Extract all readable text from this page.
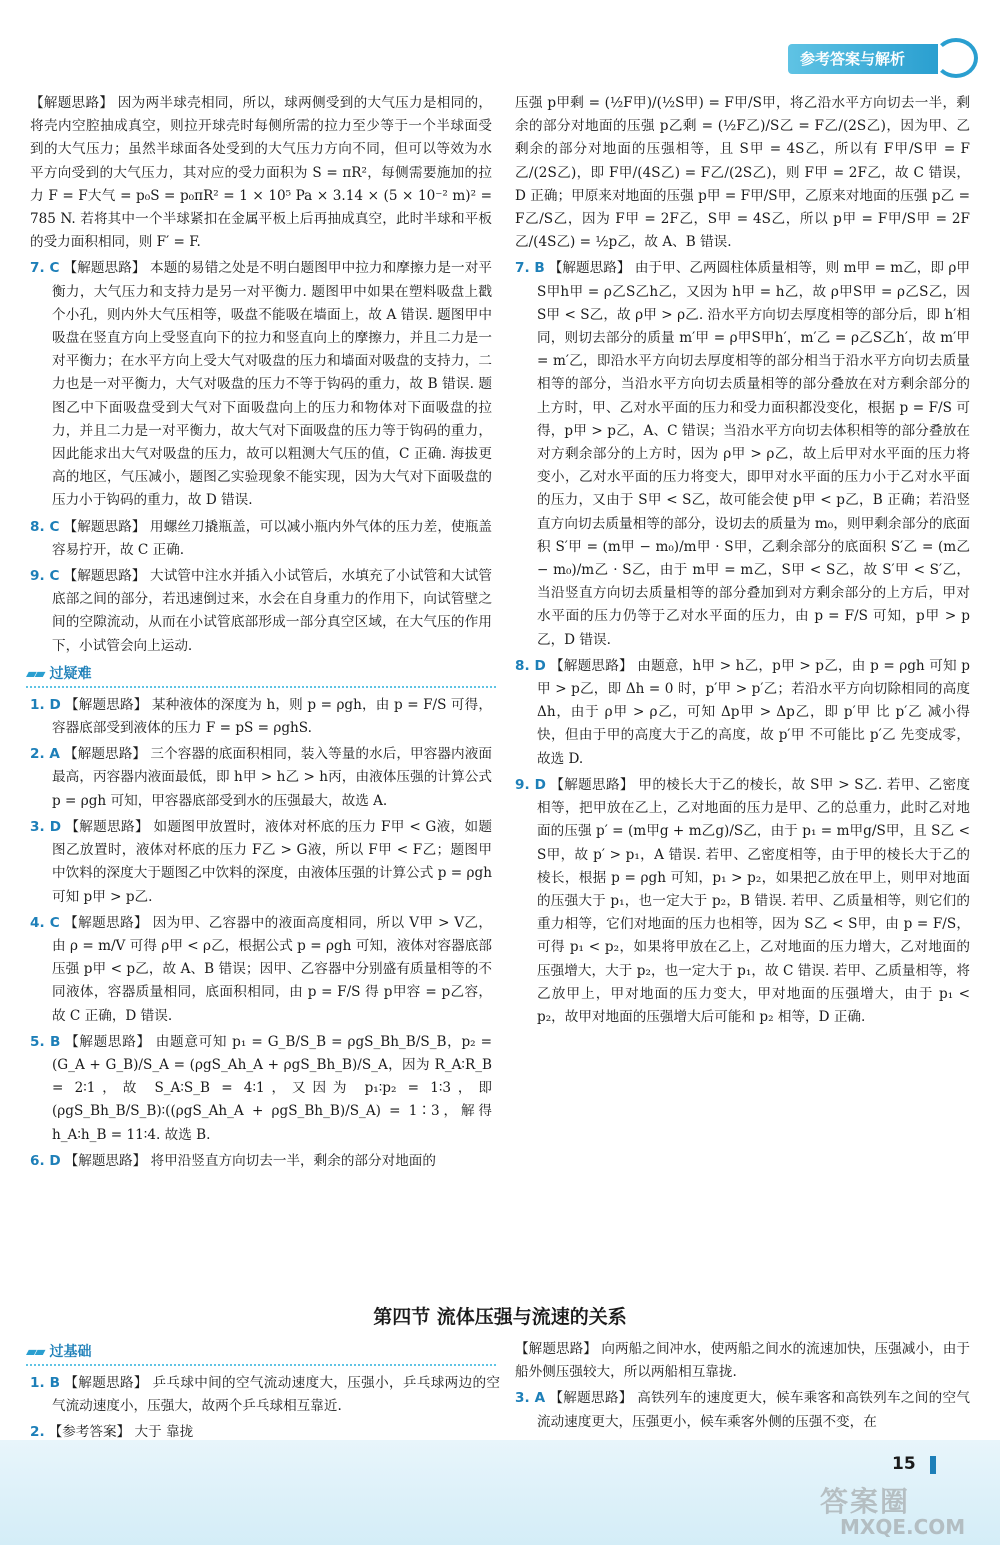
参考答案与解析
【解题思路】 因为两半球壳相同，所以，球两侧受到的大气压力是相同的，将壳内空腔抽成真空，则拉开球壳时每侧所需的拉力至少等于一个半球面受到的大气压力；虽然半球面各处受到的大气压力方向不同，但可以等效为水平方向受到的大气压力，其对应的受力面积为 S = πR²，每侧需要施加的拉力 F = F大气 = p₀S = p₀πR² = 1 × 10⁵ Pa × 3.14 × (5 × 10⁻² m)² = 785 N. 若将其中一个半球紧扣在金属平板上后再抽成真空，此时半球和平板的受力面积相同，则 F′ = F.
7. C 【解题思路】 本题的易错之处是不明白题图甲中拉力和摩擦力是一对平衡力，大气压力和支持力是另一对平衡力. 题图甲中如果在塑料吸盘上戳个小孔，则内外大气压相等，吸盘不能吸在墙面上，故 A 错误. 题图甲中吸盘在竖直方向上受竖直向下的拉力和竖直向上的摩擦力，并且二力是一对平衡力；在水平方向上受大气对吸盘的压力和墙面对吸盘的支持力，二力也是一对平衡力，大气对吸盘的压力不等于钩码的重力，故 B 错误. 题图乙中下面吸盘受到大气对下面吸盘向上的压力和物体对下面吸盘的拉力，并且二力是一对平衡力，故大气对下面吸盘的压力等于钩码的重力，因此能求出大气对吸盘的压力，故可以粗测大气压的值，C 正确. 海拔更高的地区，气压减小，题图乙实验现象不能实现，因为大气对下面吸盘的压力小于钩码的重力，故 D 错误.
8. C 【解题思路】 用螺丝刀撬瓶盖，可以减小瓶内外气体的压力差，使瓶盖容易拧开，故 C 正确.
9. C 【解题思路】 大试管中注水并插入小试管后，水填充了小试管和大试管底部之间的部分，若迅速倒过来，水会在自身重力的作用下，向试管壁之间的空隙流动，从而在小试管底部形成一部分真空区域，在大气压的作用下，小试管会向上运动.
▰▰ 过疑难
1. D 【解题思路】 某种液体的深度为 h，则 p = ρgh，由 p = F/S 可得，容器底部受到液体的压力 F = pS = ρghS.
2. A 【解题思路】 三个容器的底面积相同，装入等量的水后，甲容器内液面最高，丙容器内液面最低，即 h甲 > h乙 > h丙，由液体压强的计算公式 p = ρgh 可知，甲容器底部受到水的压强最大，故选 A.
3. D 【解题思路】 如题图甲放置时，液体对杯底的压力 F甲 < G液，如题图乙放置时，液体对杯底的压力 F乙 > G液，所以 F甲 < F乙；题图甲中饮料的深度大于题图乙中饮料的深度，由液体压强的计算公式 p = ρgh 可知 p甲 > p乙.
4. C 【解题思路】 因为甲、乙容器中的液面高度相同，所以 V甲 > V乙，由 ρ = m/V 可得 ρ甲 < ρ乙，根据公式 p = ρgh 可知，液体对容器底部压强 p甲 < p乙，故 A、B 错误；因甲、乙容器中分别盛有质量相等的不同液体，容器质量相同，底面积相同，由 p = F/S 得 p甲容 = p乙容，故 C 正确，D 错误.
5. B 【解题思路】 由题意可知 p₁ = G_B/S_B = ρgS_Bh_B/S_B，p₂ = (G_A + G_B)/S_A = (ρgS_Ah_A + ρgS_Bh_B)/S_A，因为 R_A∶R_B = 2∶1，故 S_A∶S_B = 4∶1，又因为 p₁∶p₂ = 1∶3，即 (ρgS_Bh_B/S_B)∶((ρgS_Ah_A + ρgS_Bh_B)/S_A) = 1∶3，解得 h_A∶h_B = 11∶4. 故选 B.
6. D 【解题思路】 将甲沿竖直方向切去一半，剩余的部分对地面的
压强 p甲剩 = (½F甲)/(½S甲) = F甲/S甲，将乙沿水平方向切去一半，剩余的部分对地面的压强 p乙剩 = (½F乙)/S乙 = F乙/(2S乙)，因为甲、乙剩余的部分对地面的压强相等，且 S甲 = 4S乙，所以有 F甲/S甲 = F乙/(2S乙)，即 F甲/(4S乙) = F乙/(2S乙)，则 F甲 = 2F乙，故 C 错误，D 正确；甲原来对地面的压强 p甲 = F甲/S甲，乙原来对地面的压强 p乙 = F乙/S乙，因为 F甲 = 2F乙，S甲 = 4S乙，所以 p甲 = F甲/S甲 = 2F乙/(4S乙) = ½p乙，故 A、B 错误.
7. B 【解题思路】 由于甲、乙两圆柱体质量相等，则 m甲 = m乙，即 ρ甲S甲h甲 = ρ乙S乙h乙，又因为 h甲 = h乙，故 ρ甲S甲 = ρ乙S乙，因 S甲 < S乙，故 ρ甲 > ρ乙. 沿水平方向切去厚度相等的部分后，即 h′相同，则切去部分的质量 m′甲 = ρ甲S甲h′，m′乙 = ρ乙S乙h′，故 m′甲 = m′乙，即沿水平方向切去厚度相等的部分相当于沿水平方向切去质量相等的部分，当沿水平方向切去质量相等的部分叠放在对方剩余部分的上方时，甲、乙对水平面的压力和受力面积都没变化，根据 p = F/S 可得，p甲 > p乙，A、C 错误；当沿水平方向切去体积相等的部分叠放在对方剩余部分的上方时，因为 ρ甲 > ρ乙，故上后甲对水平面的压力将变小，乙对水平面的压力将变大，即甲对水平面的压力小于乙对水平面的压力，又由于 S甲 < S乙，故可能会使 p甲 < p乙，B 正确；若沿竖直方向切去质量相等的部分，设切去的质量为 m₀，则甲剩余部分的底面积 S′甲 = (m甲 − m₀)/m甲 · S甲，乙剩余部分的底面积 S′乙 = (m乙 − m₀)/m乙 · S乙，由于 m甲 = m乙，S甲 < S乙，故 S′甲 < S′乙，当沿竖直方向切去质量相等的部分叠加到对方剩余部分的上方后，甲对水平面的压力仍等于乙对水平面的压力，由 p = F/S 可知，p甲 > p乙，D 错误.
8. D 【解题思路】 由题意，h甲 > h乙，p甲 > p乙，由 p = ρgh 可知 p甲 > p乙，即 Δh = 0 时，p′甲 > p′乙；若沿水平方向切除相同的高度 Δh，由于 ρ甲 > ρ乙，可知 Δp甲 > Δp乙，即 p′甲 比 p′乙 减小得快，但由于甲的高度大于乙的高度，故 p′甲 不可能比 p′乙 先变成零，故选 D.
9. D 【解题思路】 甲的棱长大于乙的棱长，故 S甲 > S乙. 若甲、乙密度相等，把甲放在乙上，乙对地面的压力是甲、乙的总重力，此时乙对地面的压强 p′ = (m甲g + m乙g)/S乙，由于 p₁ = m甲g/S甲，且 S乙 < S甲，故 p′ > p₁，A 错误. 若甲、乙密度相等，由于甲的棱长大于乙的棱长，根据 p = ρgh 可知，p₁ > p₂，如果把乙放在甲上，则甲对地面的压强大于 p₁，也一定大于 p₂，B 错误. 若甲、乙质量相等，则它们的重力相等，它们对地面的压力也相等，因为 S乙 < S甲，由 p = F/S，可得 p₁ < p₂，如果将甲放在乙上，乙对地面的压力增大，乙对地面的压强增大，大于 p₂，也一定大于 p₁，故 C 错误. 若甲、乙质量相等，将乙放甲上，甲对地面的压力变大，甲对地面的压强增大，由于 p₁ < p₂，故甲对地面的压强增大后可能和 p₂ 相等，D 正确.
第四节 流体压强与流速的关系
▰▰ 过基础
1. B 【解题思路】 乒乓球中间的空气流动速度大，压强小，乒乓球两边的空气流动速度小，压强大，故两个乒乓球相互靠近.
2. 【参考答案】 大于 靠拢
【解题思路】 向两船之间冲水，使两船之间水的流速加快，压强减小，由于船外侧压强较大，所以两船相互靠拢.
3. A 【解题思路】 高铁列车的速度更大，候车乘客和高铁列车之间的空气流动速度更大，压强更小，候车乘客外侧的压强不变，在
15
答案圈
MXQE.COM
